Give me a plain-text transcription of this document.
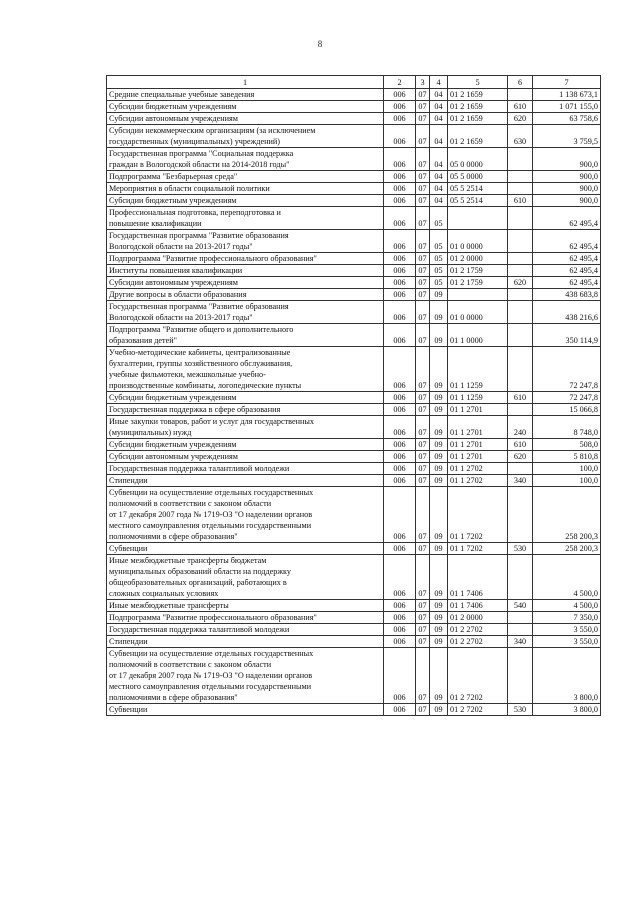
8
1	2	3	4	5	6	7
Средние специальные учебные заведения	006	07	04	01 2 1659		1 138 673,1
Субсидии бюджетным учреждениям	006	07	04	01 2 1659	610	1 071 155,0
Субсидии автономным учреждениям	006	07	04	01 2 1659	620	63 758,6
Субсидии некоммерческим организациям (за исключением
государственных (муниципальных) учреждений)	006	07	04	01 2 1659	630	3 759,5
Государственная программа "Социальная поддержка
граждан в Вологодской области на 2014-2018 годы"	006	07	04	05 0 0000		900,0
Подпрограмма "Безбарьерная среда"	006	07	04	05 5 0000		900,0
Мероприятия в области социальной политики	006	07	04	05 5 2514		900,0
Субсидии бюджетным учреждениям	006	07	04	05 5 2514	610	900,0
Профессиональная подготовка, переподготовка и
повышение квалификации	006	07	05			62 495,4
Государственная программа "Развитие образования
Вологодской области на 2013-2017 годы"	006	07	05	01 0 0000		62 495,4
Подпрограмма "Развитие профессионального образования"	006	07	05	01 2 0000		62 495,4
Институты повышения квалификации	006	07	05	01 2 1759		62 495,4
Субсидии автономным учреждениям	006	07	05	01 2 1759	620	62 495,4
Другие вопросы в области образования	006	07	09			438 683,8
Государственная программа "Развитие образования
Вологодской области на 2013-2017 годы"	006	07	09	01 0 0000		438 216,6
Подпрограмма "Развитие общего и дополнительного
образования детей"	006	07	09	01 1 0000		350 114,9
Учебно-методические кабинеты, централизованные
бухгалтерии, группы хозяйственного обслуживания,
учебные фильмотеки, межшкольные учебно-
производственные комбинаты, логопедические пункты	006	07	09	01 1 1259		72 247,8
Субсидии бюджетным учреждениям	006	07	09	01 1 1259	610	72 247,8
Государственная поддержка в сфере образования	006	07	09	01 1 2701		15 066,8
Иные закупки товаров, работ и услуг для государственных
(муниципальных) нужд	006	07	09	01 1 2701	240	8 748,0
Субсидии бюджетным учреждениям	006	07	09	01 1 2701	610	508,0
Субсидии автономным учреждениям	006	07	09	01 1 2701	620	5 810,8
Государственная поддержка талантливой молодежи	006	07	09	01 1 2702		100,0
Стипендии	006	07	09	01 1 2702	340	100,0
Субвенции на осуществление отдельных государственных
полномочий в соответствии с законом области
от 17 декабря 2007 года № 1719-ОЗ "О наделении органов
местного самоуправления отдельными государственными
полномочиями в сфере образования"	006	07	09	01 1 7202		258 200,3
Субвенции	006	07	09	01 1 7202	530	258 200,3
Иные межбюджетные трансферты бюджетам
муниципальных образований области на поддержку
общеобразовательных организаций, работающих в
сложных социальных условиях	006	07	09	01 1 7406		4 500,0
Иные межбюджетные трансферты	006	07	09	01 1 7406	540	4 500,0
Подпрограмма "Развитие профессионального образования"	006	07	09	01 2 0000		7 350,0
Государственная поддержка талантливой молодежи	006	07	09	01 2 2702		3 550,0
Стипендии	006	07	09	01 2 2702	340	3 550,0
Субвенции на осуществление отдельных государственных
полномочий в соответствии с законом области
от 17 декабря 2007 года № 1719-ОЗ "О наделении органов
местного самоуправления отдельными государственными
полномочиями в сфере образования"	006	07	09	01 2 7202		3 800,0
Субвенции	006	07	09	01 2 7202	530	3 800,0
